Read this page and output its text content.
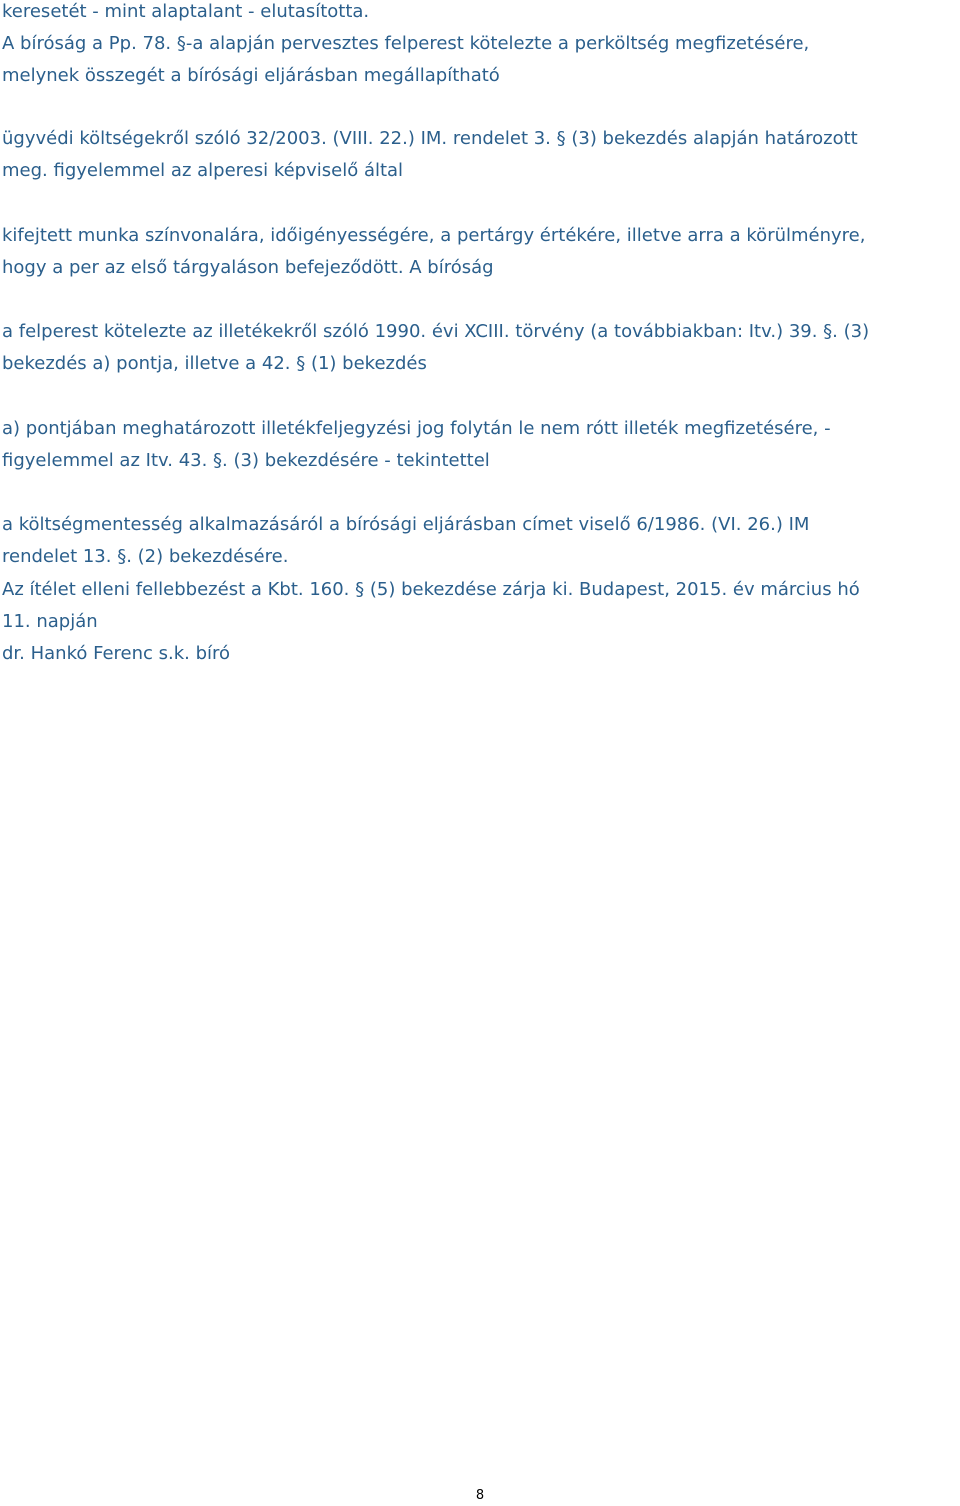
keresetét - mint alaptalant - elutasította.

A bíróság a Pp. 78. §-a alapján pervesztes felperest kötelezte a perköltség megfizetésére,

melynek összegét a bírósági eljárásban megállapítható

ügyvédi költségekről szóló 32/2003. (VIII. 22.) IM. rendelet 3. § (3) bekezdés alapján határozott

meg. figyelemmel az alperesi képviselő által

kifejtett munka színvonalára, időigényességére, a pertárgy értékére, illetve arra a körülményre,

hogy a per az első tárgyaláson befejeződött. A bíróság

a felperest kötelezte az illetékekről szóló 1990. évi XCIII. törvény (a továbbiakban: Itv.) 39. §. (3)

bekezdés a) pontja, illetve a 42. § (1) bekezdés

a) pontjában meghatározott illetékfeljegyzési jog folytán le nem rótt illeték megfizetésére, -

figyelemmel az Itv. 43. §. (3) bekezdésére - tekintettel

a költségmentesség alkalmazásáról a bírósági eljárásban címet viselő 6/1986. (VI. 26.) IM

rendelet 13. §. (2) bekezdésére.

Az ítélet elleni fellebbezést a Kbt. 160. § (5) bekezdése zárja ki. Budapest, 2015. év március hó

11. napján

dr. Hankó Ferenc s.k. bíró

8
